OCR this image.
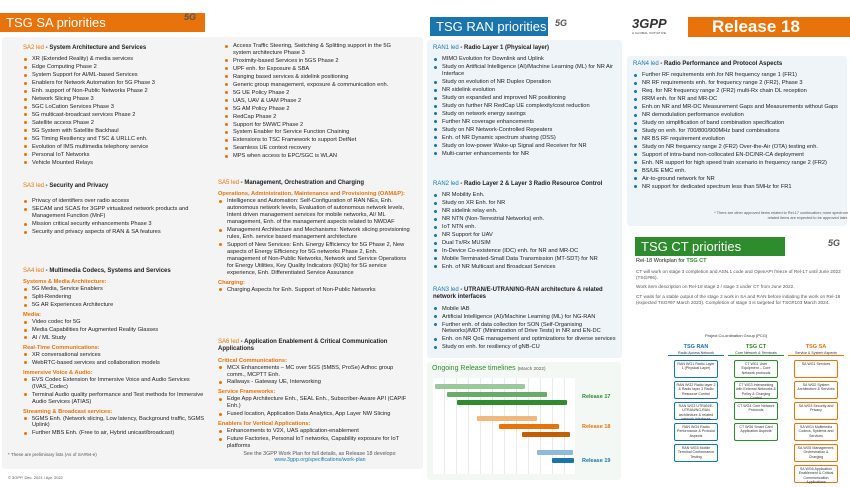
TSG SA priorities	5G
SA2 led - System Architecture and Services
XR (Extended Reality) & media services
Edge Computing Phase 2
System Support for AI/ML-based Services
Enablers for Network Automation for 5G Phase 3
Enh. support of Non-Public Networks Phase 2
Network Slicing Phase 3
5GC LoCation Services Phase 3
5G multicast-broadcast services Phase 2
Satellite access Phase 2
5G System with Satellite Backhaul
5G Timing Resiliency and TSC & URLLC enh.
Evolution of IMS multimedia telephony service
Personal IoT Networks
Vehicle Mounted Relays
Access Traffic Steering, Switching & Splitting support in the 5G system architecture Phase 3
Proximity-based Services in 5GS Phase 2
UPF enh. for Exposure & SBA
Ranging based services & sidelink positioning
Generic group management, exposure & communication enh.
5G UE Policy Phase 2
UAS, UAV & UAM Phase 2
5G AM Policy Phase 2
RedCap Phase 2
Support for 5WWC Phase 2
System Enabler for Service Function Chaining
Extensions to TSC Framework to support DetNet
Seamless UE context recovery
MPS when access to EPC/SGC is WLAN
SA3 led - Security and Privacy
Privacy of identifiers over radio access
SECAM and SCAS for 3GPP virtualized network products and Management Function (MnF)
Mission critical security enhancements Phase 3
Security and privacy aspects of RAN & SA features
SA4 led - Multimedia Codecs, Systems and Services
Systems & Media Architecture:
5G Media, Service Enablers
Split-Rendering
5G AR Experiences Architecture
Media:
Video codec for 5G
Media Capabilities for Augmented Reality Glasses
AI / ML Study
Real-Time Communications:
XR conversational services
WebRTC-based services and collaboration models
Immersive Voice & Audio:
EVS Codec Extension for Immersive Voice and Audio Services (IVAS_Codec)
Terminal Audio quality performance and Test methods for Immersive Audio Services (ATIAS)
Streaming & Broadcast services:
5GMS Enh. (Network slicing, Low latency, Background traffic, 5GMS Uplink)
Further MBS Enh. (Free to air, Hybrid unicast/broadcast)
SA5 led - Management, Orchestration and Charging
Operations, Administration, Maintenance and Provisioning (OAM&P):
Intelligence and Automation: Self-Configuration of RAN NEs, Enh. autonomous network levels, Evaluation of autonomous network levels, Intent driven management services for mobile networks, AI/ ML management, Enh. of the management aspects related to NWDAF
Management Architecture and Mechanisms: Network slicing provisioning rules, Enh. service based management architecture
Support of New Services: Enh. Energy Efficiency for 5G Phase 2, New aspects of Energy Efficiency for 5G networks Phase 2, Enh. management of Non-Public Networks, Network and Service Operations for Energy Utilities, Key Quality Indicators (KQIs) for 5G service experience, Enh. Differentiated Service Assurance
Charging:
Charging Aspects for Enh. Support of Non-Public Networks
SA6 led - Application Enablement & Critical Communication Applications
Critical Communications:
MCX Enhancements – MC over 5GS (5MBS, ProSe) Adhoc group comm., MCPTT Enh.
Railways - Gateway UE, Interworking
Service Frameworks:
Edge App Architecture Enh., SEAL Enh., Subscriber-Aware API (CAPIF Enh.)
Fused location, Application Data Analytics, App Layer NW Slicing
Enablers for Vertical Applications:
Enhancements to V2X, UAS application-enablement
Future Factories, Personal IoT networks, Capability exposure for IoT platforms
* These are preliminary lists (As of SA#94-e)
© 3GPP, Dec. 2021 / Apr. 2022
See the 3GPP Work Plan for full details, as Release 18 develops:
www.3gpp.org/specifications/work-plan
TSG RAN priorities 5G
RAN1 led - Radio Layer 1 (Physical layer)
MIMO Evolution for Downlink and Uplink
Study on Artificial Intelligence (AI)/Machine Learning (ML) for NR Air Interface
Study on evolution of NR Duplex Operation
NR sidelink evolution
Study on expanded and improved NR positioning
Study on further NR RedCap UE complexity/cost reduction
Study on network energy savings
Further NR coverage enhancements
Study on NR Network-Controlled Repeaters
Enh. of NR Dynamic spectrum sharing (DSS)
Study on low-power Wake-up Signal and Receiver for NR
Multi-carrier enhancements for NR
RAN2 led - Radio Layer 2 & Layer 3 Radio Resource Control
NR Mobility Enh.
Study on XR Enh. for NR
NR sidelink relay enh.
NR NTN (Non-Terrestrial Networks) enh.
IoT NTN enh.
NR Support for UAV
Dual Tx/Rx MUSIM
In-Device Co-existence (IDC) enh. for NR and MR-DC
Mobile Terminated-Small Data Transmission (MT-SDT) for NR
Enh. of NR Multicast and Broadcast Services
RAN3 led - UTRAN/E-UTRAN/NG-RAN architecture & related network interfaces
Mobile IAB
Artificial Intelligence (AI)/Machine Learning (ML) for NG-RAN
Further enh. of data collection for SON (Self-Organising Networks)/MDT (Minimization of Drive Tests) in NR and EN-DC
Enh. on NR QoE management and optimizations for diverse services
Study on enh. for resiliency of gNB-CU
Ongoing Release timelines (March 2022)
Release 17
Release 18
Release 19
3GPP
A GLOBAL INITIATIVE	Release 18
RAN4 led - Radio Performance and Protocol Aspects
Further RF requirements enh.for NR frequency range 1 (FR1)
NR RF requirements enh. for frequency range 2 (FR2), Phase 3
Req. for NR frequency range 2 (FR2) multi-Rx chain DL reception
RRM enh. for NR and MR-DC
Enh.on NR and MR-DC Measurement Gaps and Measurements without Gaps
NR demodulation performance evolution
Study on simplification of band combination specification
Study on enh. for 700/800/900MHz band combinations
NR BS RF requirement evolution
Study on NR frequency range 2 (FR2) Over-the-Air (OTA) testing enh.
Support of intra-band non-collocated EN-DC/NR-CA deployment
Enh. NR support for high speed train scenario in frequency range 2 (FR2)
BS/UE EMC enh.
Air-to-ground network for NR
NR support for dedicated spectrum less than 5MHz for FR1
* There are other approved items related to Rel-17 continuation; more spectrum related items are expected to be approved later.
TSG CT priorities	5G
Rel-18 Workplan for TSG CT
CT will work on stage 3 completion and ASN.1 code and OpenAPI freeze of Rel-17 until June 2022 (TSG#96).
Work item description on Rel-18 stage 2 / stage 3 under CT from June 2022.
CT waits for a stable output of the stage 2 work in SA and RAN before initiating the work on Rel-18 (expected TSG#97 March 2023). Completion of stage 3 is targeted for TSG#103 March 2024.
Project Co-ordination Group (PCG)
TSG RAN
Radio Access Network
RAN WG1 Radio Layer 1 (Physical Layer)
RAN WG2 Radio layer 2 & Radio layer 3 Radio Resource Control
RAN WG3 UTRAN/E-UTRAN/NG-RAN architecture & related network interfaces
RAN WG4 Radio Performance & Protocol Aspects
RAN WG5 Mobile Terminal Conformance Testing
TSG CT
Core Network & Terminals
CT WG1 User Equipment – Core Network protocols
CT WG3 Interworking with External Networks & Policy & Charging Control
CT WG4 Core Network Protocols
CT WG6 Smart Card Application Aspects
TSG SA
Service & System Aspects
SA WG1 Services
SA WG2 System Architecture & Services
SA WG3 Security and Privacy
SA WG4 Multimedia Codecs, Systems and Services
SA WG5 Management, Orchestration & Charging
SA WG6 Application Enablement & Critical Communication Applications
